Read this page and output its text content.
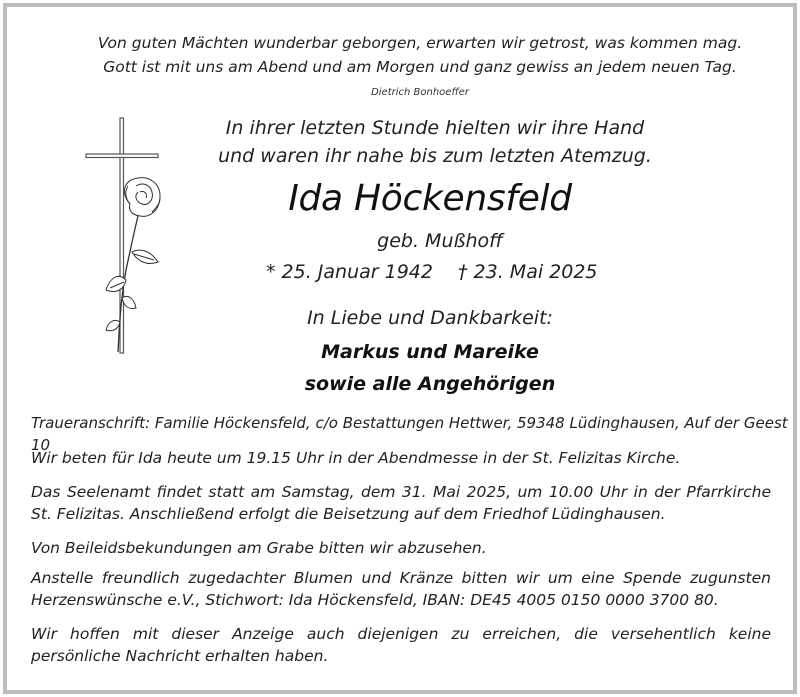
Von guten Mächten wunderbar geborgen, erwarten wir getrost, was kommen mag.
Gott ist mit uns am Abend und am Morgen und ganz gewiss an jedem neuen Tag.
Dietrich Bonhoeffer
In ihrer letzten Stunde hielten wir ihre Hand
und waren ihr nahe bis zum letzten Atemzug.
Ida Höckensfeld
geb. Mußhoff
* 25. Januar 1942 † 23. Mai 2025
In Liebe und Dankbarkeit:
Markus und Mareike
sowie alle Angehörigen
Traueranschrift: Familie Höckensfeld, c/o Bestattungen Hettwer, 59348 Lüdinghausen, Auf der Geest 10
Wir beten für Ida heute um 19.15 Uhr in der Abendmesse in der St. Felizitas Kirche.
Das Seelenamt findet statt am Samstag, dem 31. Mai 2025, um 10.00 Uhr in der Pfarrkirche St. Felizitas. Anschließend erfolgt die Beisetzung auf dem Friedhof Lüdinghausen.
Von Beileidsbekundungen am Grabe bitten wir abzusehen.
Anstelle freundlich zugedachter Blumen und Kränze bitten wir um eine Spende zugunsten Herzenswünsche e.V., Stichwort: Ida Höckensfeld, IBAN: DE45 4005 0150 0000 3700 80.
Wir hoffen mit dieser Anzeige auch diejenigen zu erreichen, die versehentlich keine persönliche Nachricht erhalten haben.
